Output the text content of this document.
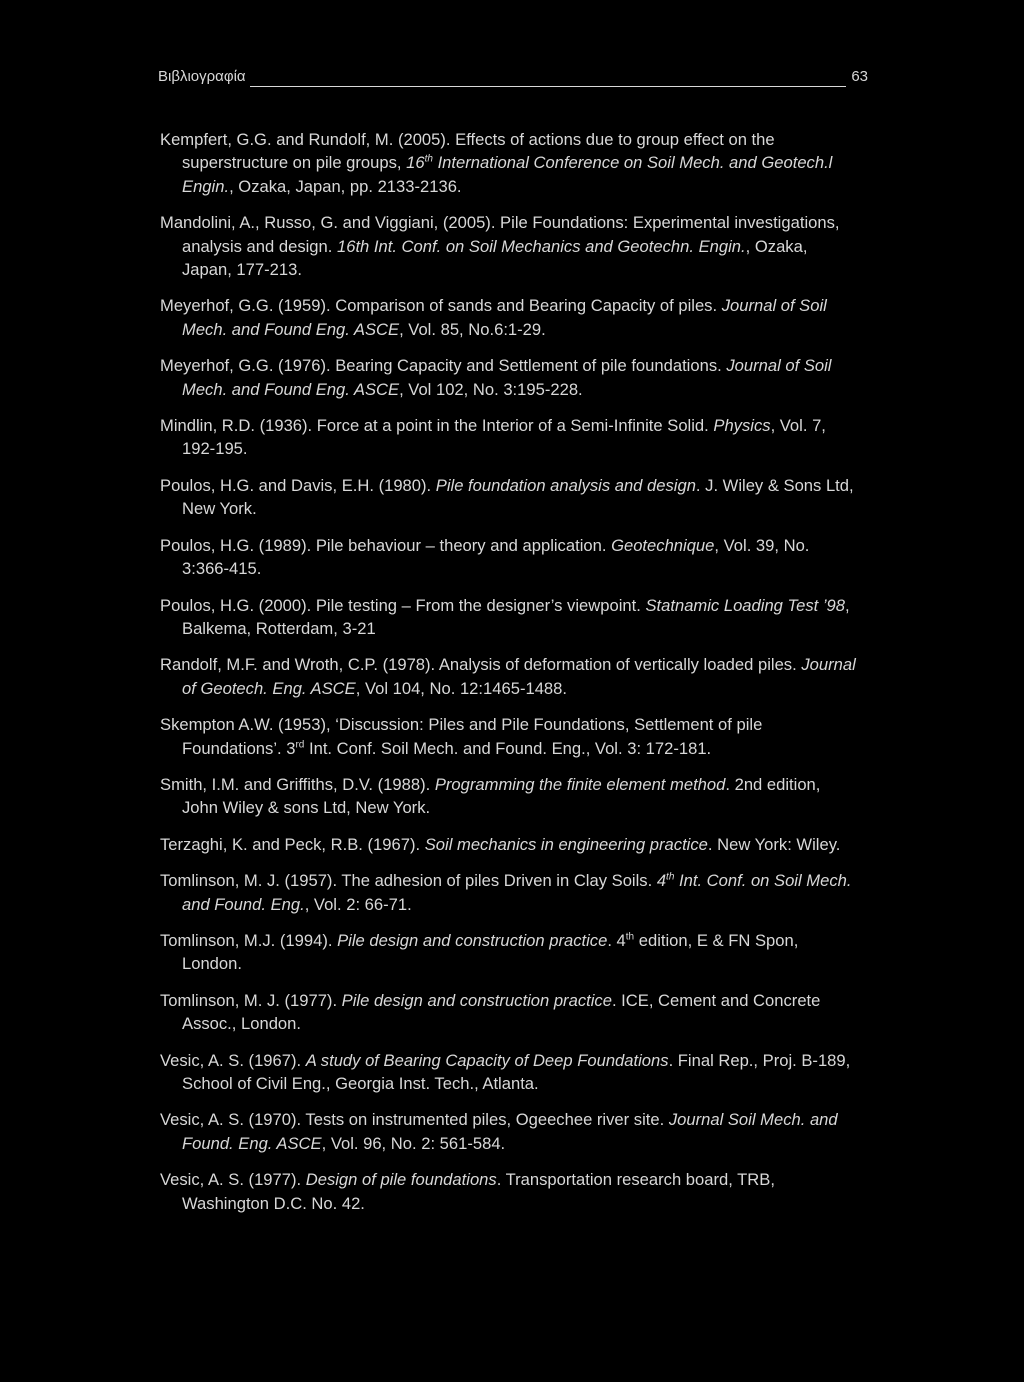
Βιβλιογραφία	63

Kempfert, G.G. and Rundolf, M. (2005). Effects of actions due to group effect on the superstructure on pile groups, 16th International Conference on Soil Mech. and Geotech.l Engin., Ozaka, Japan, pp. 2133-2136.

Mandolini, A., Russo, G. and Viggiani, (2005). Pile Foundations: Experimental investigations, analysis and design. 16th Int. Conf. on Soil Mechanics and Geotechn. Engin., Ozaka, Japan, 177-213.

Meyerhof, G.G. (1959). Comparison of sands and Bearing Capacity of piles. Journal of Soil Mech. and Found Eng. ASCE, Vol. 85, No.6:1-29.

Meyerhof, G.G. (1976). Bearing Capacity and Settlement of pile foundations. Journal of Soil Mech. and Found Eng. ASCE, Vol 102, No. 3:195-228.

Mindlin, R.D. (1936). Force at a point in the Interior of a Semi-Infinite Solid. Physics, Vol. 7, 192-195.

Poulos, H.G. and Davis, E.H. (1980). Pile foundation analysis and design. J. Wiley & Sons Ltd, New York.

Poulos, H.G. (1989). Pile behaviour – theory and application. Geotechnique, Vol. 39, No. 3:366-415.

Poulos, H.G. (2000). Pile testing – From the designer’s viewpoint. Statnamic Loading Test ’98, Balkema, Rotterdam, 3-21

Randolf, M.F. and Wroth, C.P. (1978). Analysis of deformation of vertically loaded piles. Journal of Geotech. Eng. ASCE, Vol 104, No. 12:1465-1488.

Skempton A.W. (1953), ‘Discussion: Piles and Pile Foundations, Settlement of pile Foundations’. 3rd Int. Conf. Soil Mech. and Found. Eng., Vol. 3: 172-181.

Smith, I.M. and Griffiths, D.V. (1988). Programming the finite element method. 2nd edition, John Wiley & sons Ltd, New York.

Terzaghi, K. and Peck, R.B. (1967). Soil mechanics in engineering practice. New York: Wiley.

Tomlinson, M. J. (1957). The adhesion of piles Driven in Clay Soils. 4th Int. Conf. on Soil Mech. and Found. Eng., Vol. 2: 66-71.

Tomlinson, M.J. (1994). Pile design and construction practice. 4th edition, E & FN Spon, London.

Tomlinson, M. J. (1977). Pile design and construction practice. ICE, Cement and Concrete Assoc., London.

Vesic, A. S. (1967). A study of Bearing Capacity of Deep Foundations. Final Rep., Proj. B-189, School of Civil Eng., Georgia Inst. Tech., Atlanta.

Vesic, A. S. (1970). Tests on instrumented piles, Ogeechee river site. Journal Soil Mech. and Found. Eng. ASCE, Vol. 96, No. 2: 561-584.

Vesic, A. S. (1977). Design of pile foundations. Transportation research board, TRB, Washington D.C. No. 42.
